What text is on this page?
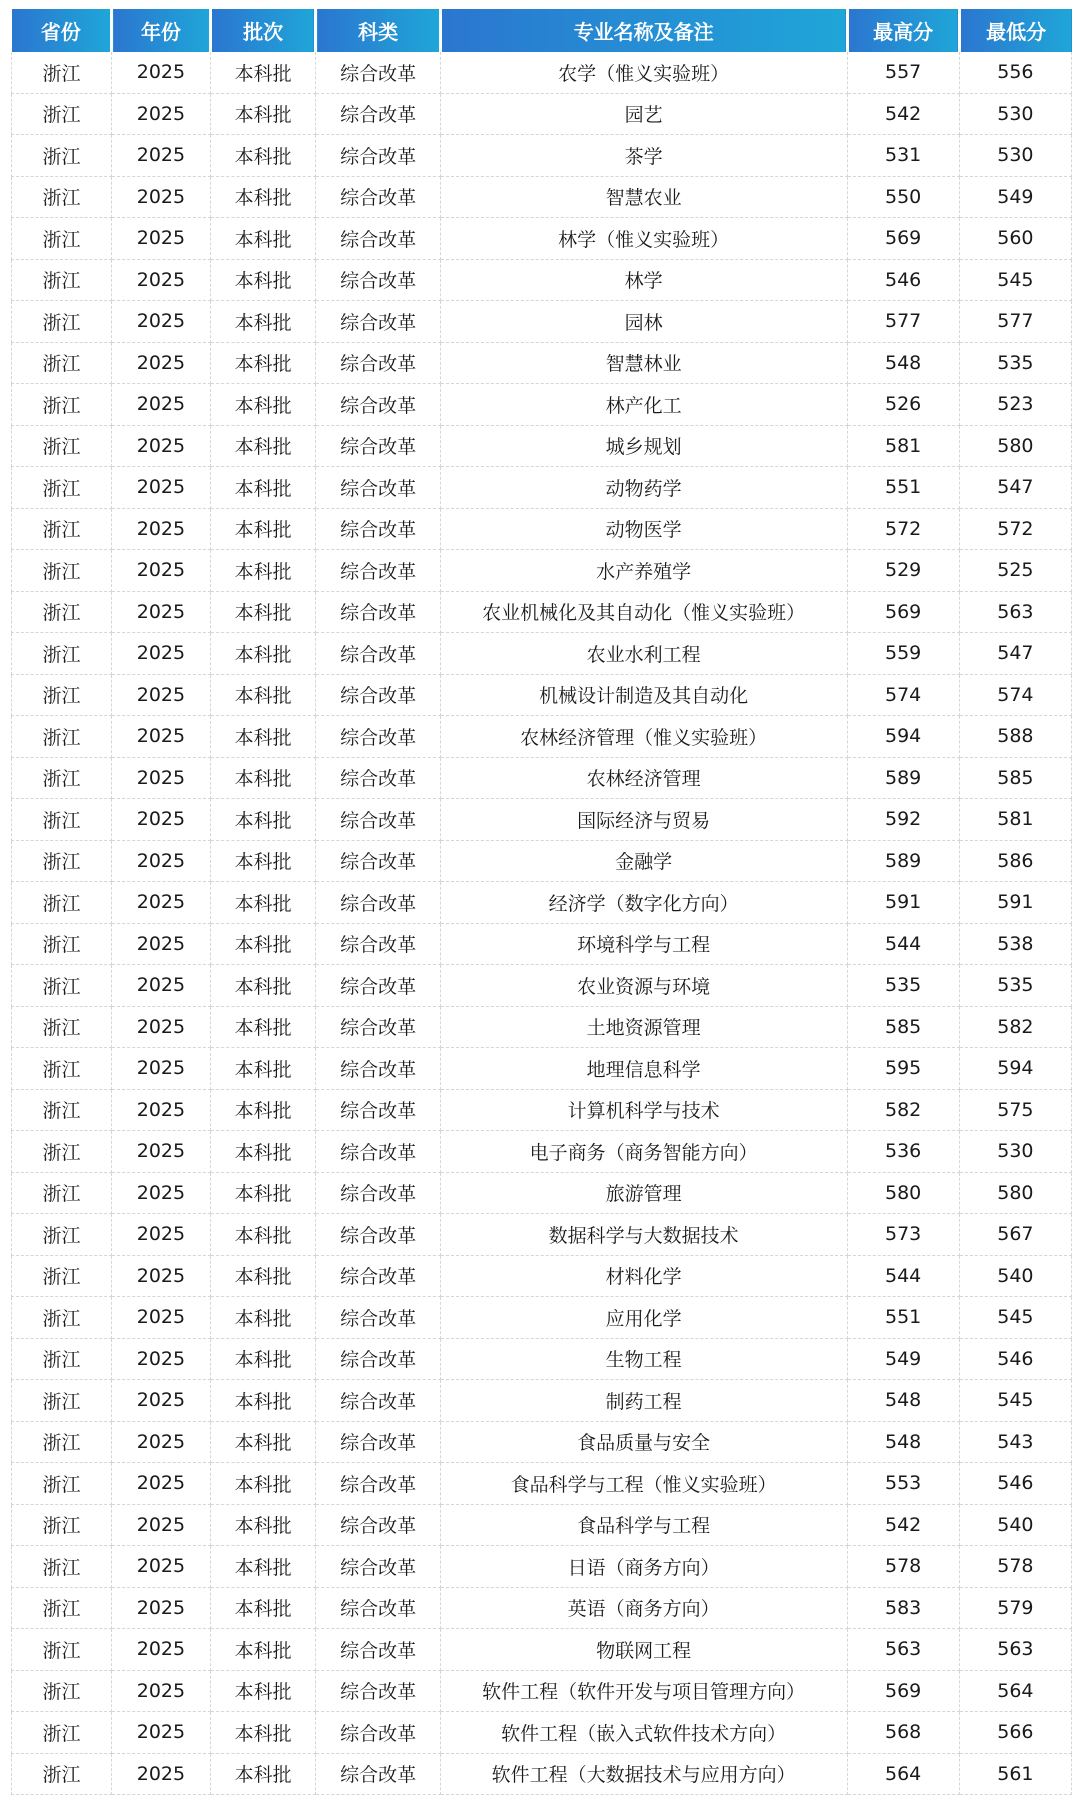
省份	年份	批次	科类	专业名称及备注	最高分	最低分
浙江	2025	本科批	综合改革	农学（惟义实验班）	557	556
浙江	2025	本科批	综合改革	园艺	542	530
浙江	2025	本科批	综合改革	茶学	531	530
浙江	2025	本科批	综合改革	智慧农业	550	549
浙江	2025	本科批	综合改革	林学（惟义实验班）	569	560
浙江	2025	本科批	综合改革	林学	546	545
浙江	2025	本科批	综合改革	园林	577	577
浙江	2025	本科批	综合改革	智慧林业	548	535
浙江	2025	本科批	综合改革	林产化工	526	523
浙江	2025	本科批	综合改革	城乡规划	581	580
浙江	2025	本科批	综合改革	动物药学	551	547
浙江	2025	本科批	综合改革	动物医学	572	572
浙江	2025	本科批	综合改革	水产养殖学	529	525
浙江	2025	本科批	综合改革	农业机械化及其自动化（惟义实验班）	569	563
浙江	2025	本科批	综合改革	农业水利工程	559	547
浙江	2025	本科批	综合改革	机械设计制造及其自动化	574	574
浙江	2025	本科批	综合改革	农林经济管理（惟义实验班）	594	588
浙江	2025	本科批	综合改革	农林经济管理	589	585
浙江	2025	本科批	综合改革	国际经济与贸易	592	581
浙江	2025	本科批	综合改革	金融学	589	586
浙江	2025	本科批	综合改革	经济学（数字化方向）	591	591
浙江	2025	本科批	综合改革	环境科学与工程	544	538
浙江	2025	本科批	综合改革	农业资源与环境	535	535
浙江	2025	本科批	综合改革	土地资源管理	585	582
浙江	2025	本科批	综合改革	地理信息科学	595	594
浙江	2025	本科批	综合改革	计算机科学与技术	582	575
浙江	2025	本科批	综合改革	电子商务（商务智能方向）	536	530
浙江	2025	本科批	综合改革	旅游管理	580	580
浙江	2025	本科批	综合改革	数据科学与大数据技术	573	567
浙江	2025	本科批	综合改革	材料化学	544	540
浙江	2025	本科批	综合改革	应用化学	551	545
浙江	2025	本科批	综合改革	生物工程	549	546
浙江	2025	本科批	综合改革	制药工程	548	545
浙江	2025	本科批	综合改革	食品质量与安全	548	543
浙江	2025	本科批	综合改革	食品科学与工程（惟义实验班）	553	546
浙江	2025	本科批	综合改革	食品科学与工程	542	540
浙江	2025	本科批	综合改革	日语（商务方向）	578	578
浙江	2025	本科批	综合改革	英语（商务方向）	583	579
浙江	2025	本科批	综合改革	物联网工程	563	563
浙江	2025	本科批	综合改革	软件工程（软件开发与项目管理方向）	569	564
浙江	2025	本科批	综合改革	软件工程（嵌入式软件技术方向）	568	566
浙江	2025	本科批	综合改革	软件工程（大数据技术与应用方向）	564	561
